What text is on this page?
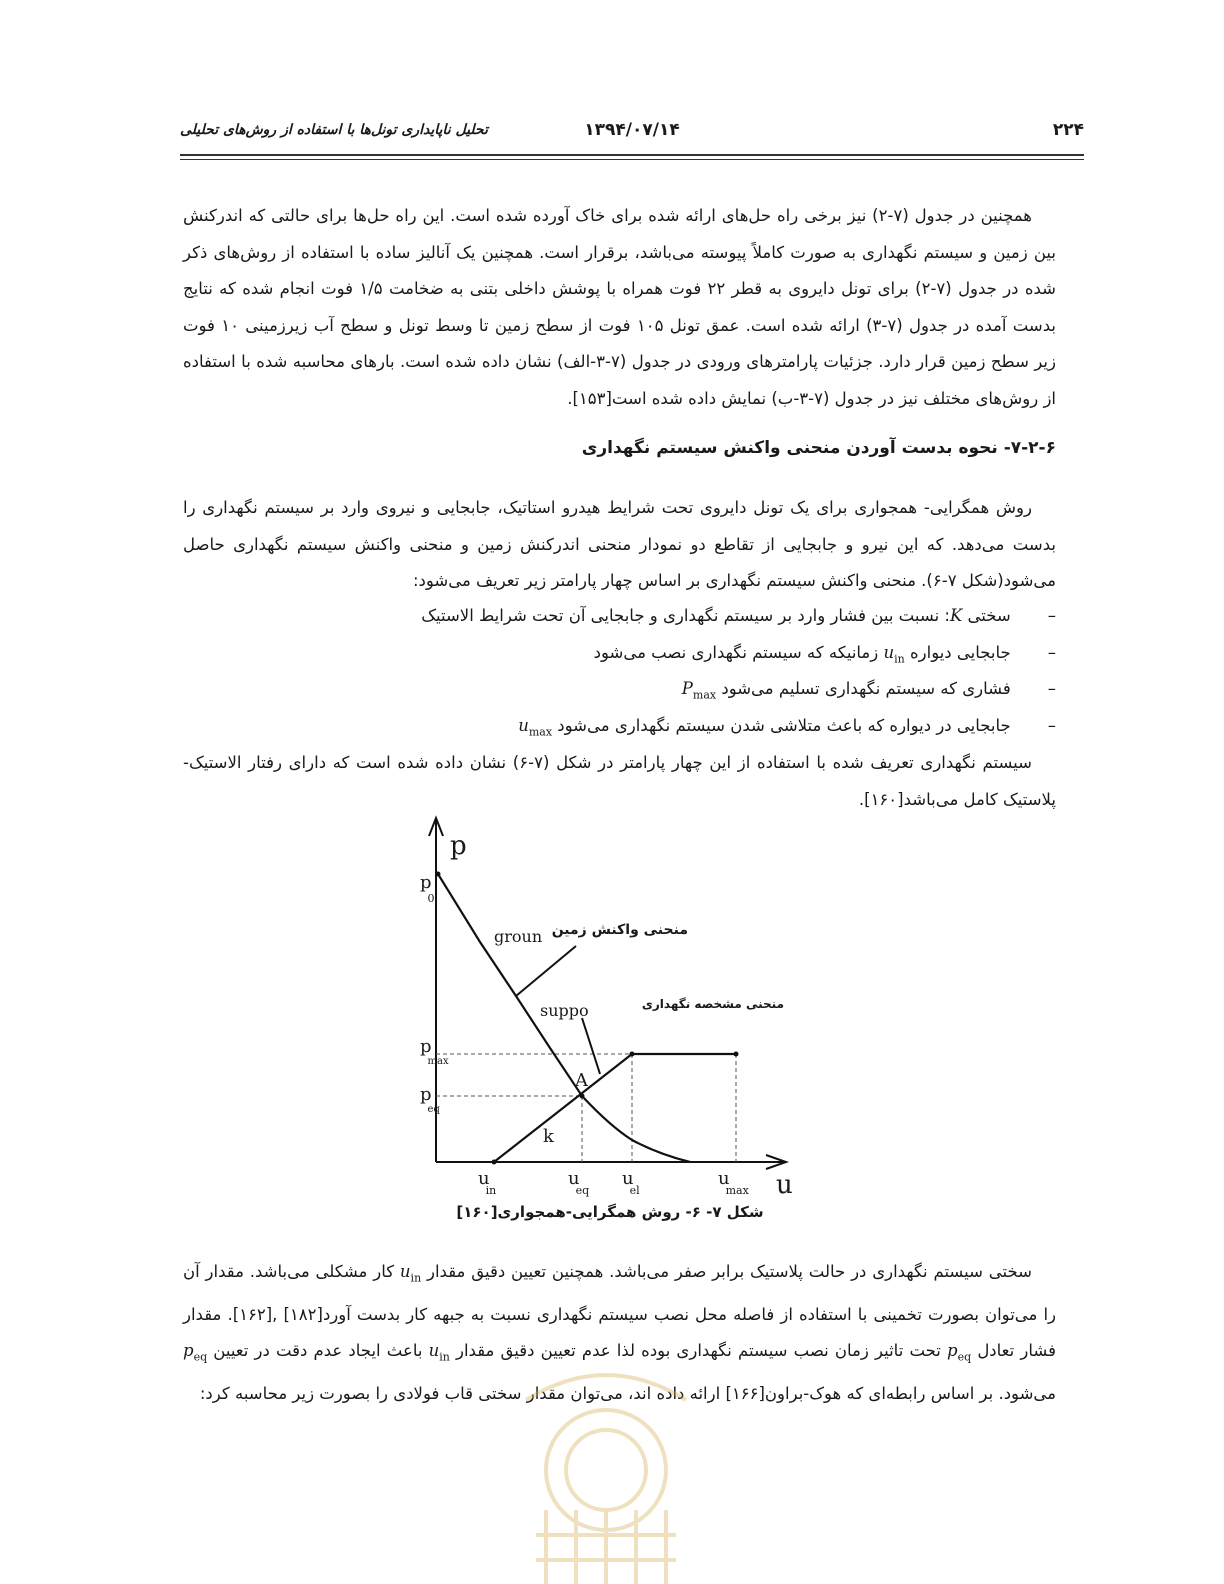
۲۲۴
۱۳۹۴/۰۷/۱۴
تحلیل ناپایداری تونل‌ها با استفاده از روش‌های تحلیلی

همچنین در جدول (۷-۲) نیز برخی راه حل‌های ارائه شده برای خاک آورده شده است. این راه حل‌ها برای حالتی که اندرکنش بین زمین و سیستم نگهداری به صورت کاملاً پیوسته می‌باشد، برقرار است. همچنین یک آنالیز ساده با استفاده از روش‌های ذکر شده در جدول (۷-۲) برای تونل دایروی به قطر ۲۲ فوت همراه با پوشش داخلی بتنی به ضخامت ۱/۵ فوت انجام شده که نتایج بدست آمده در جدول (۷-۳) ارائه شده است. عمق تونل ۱۰۵ فوت از سطح زمین تا وسط تونل و سطح آب زیرزمینی ۱۰ فوت زیر سطح زمین قرار دارد. جزئیات پارامترهای ورودی در جدول (۷-۳-الف) نشان داده شده است. بارهای محاسبه شده با استفاده از روش‌های مختلف نیز در جدول (۷-۳-ب) نمایش داده شده است[۱۵۳].

۷-۲-۶- نحوه بدست آوردن منحنی واکنش سیستم نگهداری

روش همگرایی- همجواری برای یک تونل دایروی تحت شرایط هیدرو استاتیک، جابجایی و نیروی وارد بر سیستم نگهداری را بدست می‌دهد. که این نیرو و جابجایی از تقاطع دو نمودار منحنی اندرکنش زمین و منحنی واکنش سیستم نگهداری حاصل می‌شود(شکل ۷-۶). منحنی واکنش سیستم نگهداری بر اساس چهار پارامتر زیر تعریف می‌شود:

– سختی K: نسبت بین فشار وارد بر سیستم نگهداری و جابجایی آن تحت شرایط الاستیک
– جابجایی دیواره $u_{in}$ زمانیکه که سیستم نگهداری نصب می‌شود
– فشاری که سیستم نگهداری تسلیم می‌شود $P_{max}$
– جابجایی در دیواره که باعث متلاشی شدن سیستم نگهداری می‌شود $u_{max}$

سیستم نگهداری تعریف شده با استفاده از این چهار پارامتر در شکل (۷-۶) نشان داده شده است که دارای رفتار الاستیک-پلاستیک کامل می‌باشد[۱۶۰].

p
u
groun
suppo
منحنی واکنش زمین
منحنی مشخصه نگهداری
A
k
p 0
p max
p eq
u in
u eq
u el
u max
شکل ۷- ۶- روش همگرایی-همجواری[۱۶۰]

سختی سیستم نگهداری در حالت پلاستیک برابر صفر می‌باشد. همچنین تعیین دقیق مقدار $u_{in}$ کار مشکلی می‌باشد. مقدار آن را می‌توان بصورت تخمینی با استفاده از فاصله محل نصب سیستم نگهداری نسبت به جبهه کار بدست آورد[۱۸۲] ,[۱۶۲]. مقدار فشار تعادل $p_{eq}$ تحت تاثیر زمان نصب سیستم نگهداری بوده لذا عدم تعیین دقیق مقدار $u_{in}$ باعث ایجاد عدم دقت در تعیین $p_{eq}$ می‌شود. بر اساس رابطه‌ای که هوک-براون[۱۶۶] ارائه داده اند، می‌توان مقدار سختی قاب فولادی را بصورت زیر محاسبه کرد:
